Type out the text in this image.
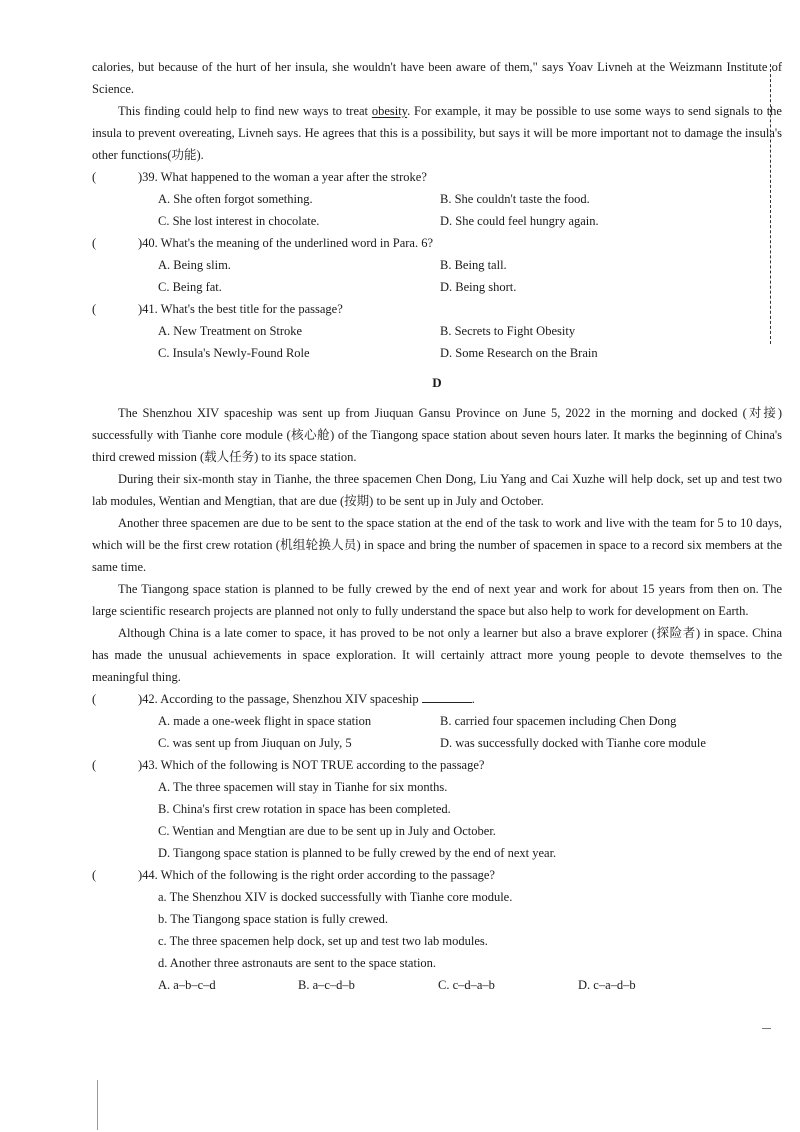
calories, but because of the hurt of her insula, she wouldn't have been aware of them," says Yoav Livneh at the Weizmann Institute of Science.

This finding could help to find new ways to treat obesity. For example, it may be possible to use some ways to send signals to the insula to prevent overeating, Livneh says. He agrees that this is a possibility, but says it will be more important not to damage the insula's other functions(功能).

(	)39. What happened to the woman a year after the stroke?

A. She often forgot something.	B. She couldn't taste the food.
C. She lost interest in chocolate.	D. She could feel hungry again.

(	)40. What's the meaning of the underlined word in Para. 6?

A. Being slim.	B. Being tall.
C. Being fat.	D. Being short.

(	)41. What's the best title for the passage?

A. New Treatment on Stroke	B. Secrets to Fight Obesity
C. Insula's Newly-Found Role	D. Some Research on the Brain
D

The Shenzhou XIV spaceship was sent up from Jiuquan Gansu Province on June 5, 2022 in the morning and docked (对接) successfully with Tianhe core module (核心舱) of the Tiangong space station about seven hours later. It marks the beginning of China's third crewed mission (载人任务) to its space station.

During their six-month stay in Tianhe, the three spacemen Chen Dong, Liu Yang and Cai Xuzhe will help dock, set up and test two lab modules, Wentian and Mengtian, that are due (按期) to be sent up in July and October.

Another three spacemen are due to be sent to the space station at the end of the task to work and live with the team for 5 to 10 days, which will be the first crew rotation (机组轮换人员) in space and bring the number of spacemen in space to a record six members at the same time.

The Tiangong space station is planned to be fully crewed by the end of next year and work for about 15 years from then on. The large scientific research projects are planned not only to fully understand the space but also help to work for development on Earth.

Although China is a late comer to space, it has proved to be not only a learner but also a brave explorer (探险者) in space. China has made the unusual achievements in space exploration. It will certainly attract more young people to devote themselves to the meaningful thing.

(	)42. According to the passage, Shenzhou XIV spaceship	.

A. made a one-week flight in space station	B. carried four spacemen including Chen Dong
C. was sent up from Jiuquan on July, 5	D. was successfully docked with Tianhe core module

(	)43. Which of the following is NOT TRUE according to the passage?

A. The three spacemen will stay in Tianhe for six months.
B. China's first crew rotation in space has been completed.
C. Wentian and Mengtian are due to be sent up in July and October.
D. Tiangong space station is planned to be fully crewed by the end of next year.

(	)44. Which of the following is the right order according to the passage?

a. The Shenzhou XIV is docked successfully with Tianhe core module.
b. The Tiangong space station is fully crewed.
c. The three spacemen help dock, set up and test two lab modules.
d. Another three astronauts are sent to the space station.
A. a–b–c–d	B. a–c–d–b	C. c–d–a–b	D. c–a–d–b
